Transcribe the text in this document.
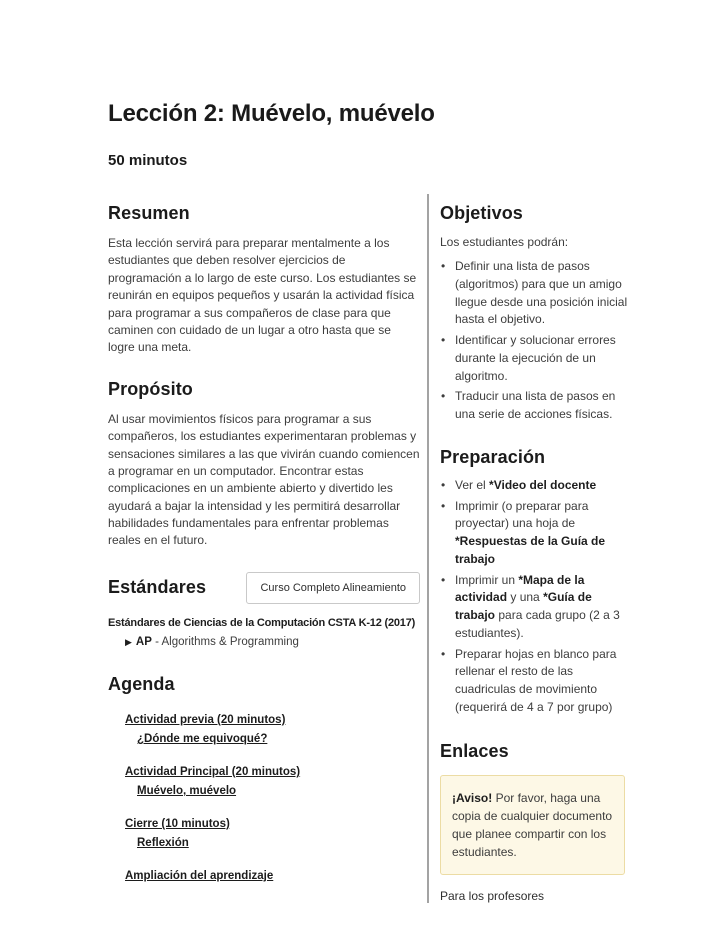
Lección 2: Muévelo, muévelo
50 minutos
Resumen

Esta lección servirá para preparar mentalmente a los estudiantes que deben resolver ejercicios de programación a lo largo de este curso. Los estudiantes se reunirán en equipos pequeños y usarán la actividad física para programar a sus compañeros de clase para que caminen con cuidado de un lugar a otro hasta que se logre una meta.

Propósito

Al usar movimientos físicos para programar a sus compañeros, los estudiantes experimentaran problemas y sensaciones similares a las que vivirán cuando comiencen a programar en un computador. Encontrar estas complicaciones en un ambiente abierto y divertido les ayudará a bajar la intensidad y les permitirá desarrollar habilidades fundamentales para enfrentar problemas reales en el futuro.

Estándares	Curso Completo Alineamiento
Estándares de Ciencias de la Computación CSTA K-12 (2017)
▶ AP - Algorithms & Programming
Agenda
Actividad previa (20 minutos)
¿Dónde me equivoqué?
Actividad Principal (20 minutos)
Muévelo, muévelo
Cierre (10 minutos)
Reflexión
Ampliación del aprendizaje
Objetivos
Los estudiantes podrán:
• Definir una lista de pasos (algoritmos) para que un amigo llegue desde una posición inicial hasta el objetivo.
• Identificar y solucionar errores durante la ejecución de un algoritmo.
• Traducir una lista de pasos en una serie de acciones físicas.
Preparación
• Ver el *Video del docente
• Imprimir (o preparar para proyectar) una hoja de *Respuestas de la Guía de trabajo
• Imprimir un *Mapa de la actividad y una *Guía de trabajo para cada grupo (2 a 3 estudiantes).
• Preparar hojas en blanco para rellenar el resto de las cuadriculas de movimiento (requerirá de 4 a 7 por grupo)
Enlaces
¡Aviso! Por favor, haga una copia de cualquier documento que planee compartir con los estudiantes.
Para los profesores
